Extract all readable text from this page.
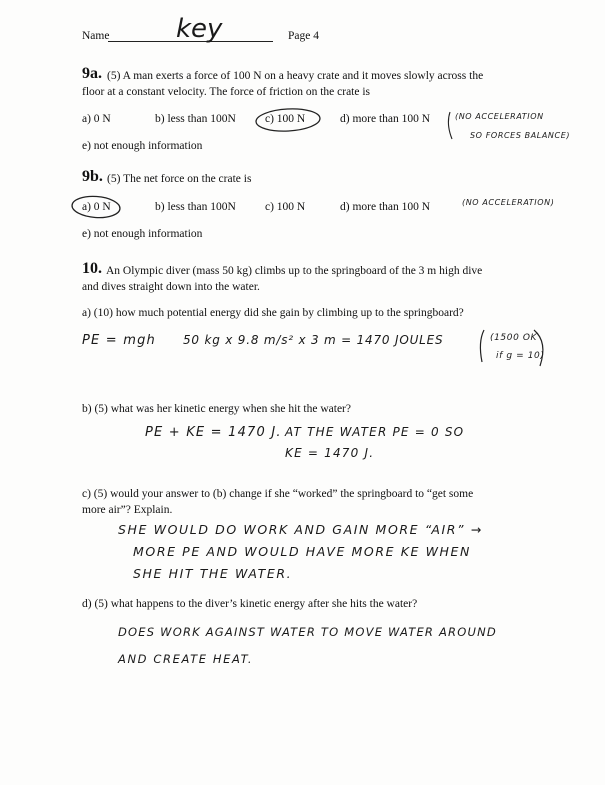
Name	key	Page 4
9a. (5) A man exerts a force of 100 N on a heavy crate and it moves slowly across the
floor at a constant velocity. The force of friction on the crate is
a) 0 N	b) less than 100N	c) 100 N	d) more than 100 N
e) not enough information
(NO ACCELERATION
SO FORCES BALANCE)
9b. (5) The net force on the crate is
a) 0 N	b) less than 100N	c) 100 N	d) more than 100 N
e) not enough information
(NO ACCELERATION)
10. An Olympic diver (mass 50 kg) climbs up to the springboard of the 3 m high dive
and dives straight down into the water.
a) (10) how much potential energy did she gain by climbing up to the springboard?
PE = mgh 50 kg x 9.8 m/s² x 3 m = 1470 JOULES	(1500 OK
if g = 10)
b) (5) what was her kinetic energy when she hit the water?
PE + KE = 1470 J. AT THE WATER PE = 0 SO
KE = 1470 J.
c) (5) would your answer to (b) change if she “worked” the springboard to “get some
more air”? Explain.
SHE WOULD DO WORK AND GAIN MORE “AIR” →
MORE PE AND WOULD HAVE MORE KE WHEN
SHE HIT THE WATER.
d) (5) what happens to the diver’s kinetic energy after she hits the water?
DOES WORK AGAINST WATER TO MOVE WATER AROUND
AND CREATE HEAT.
